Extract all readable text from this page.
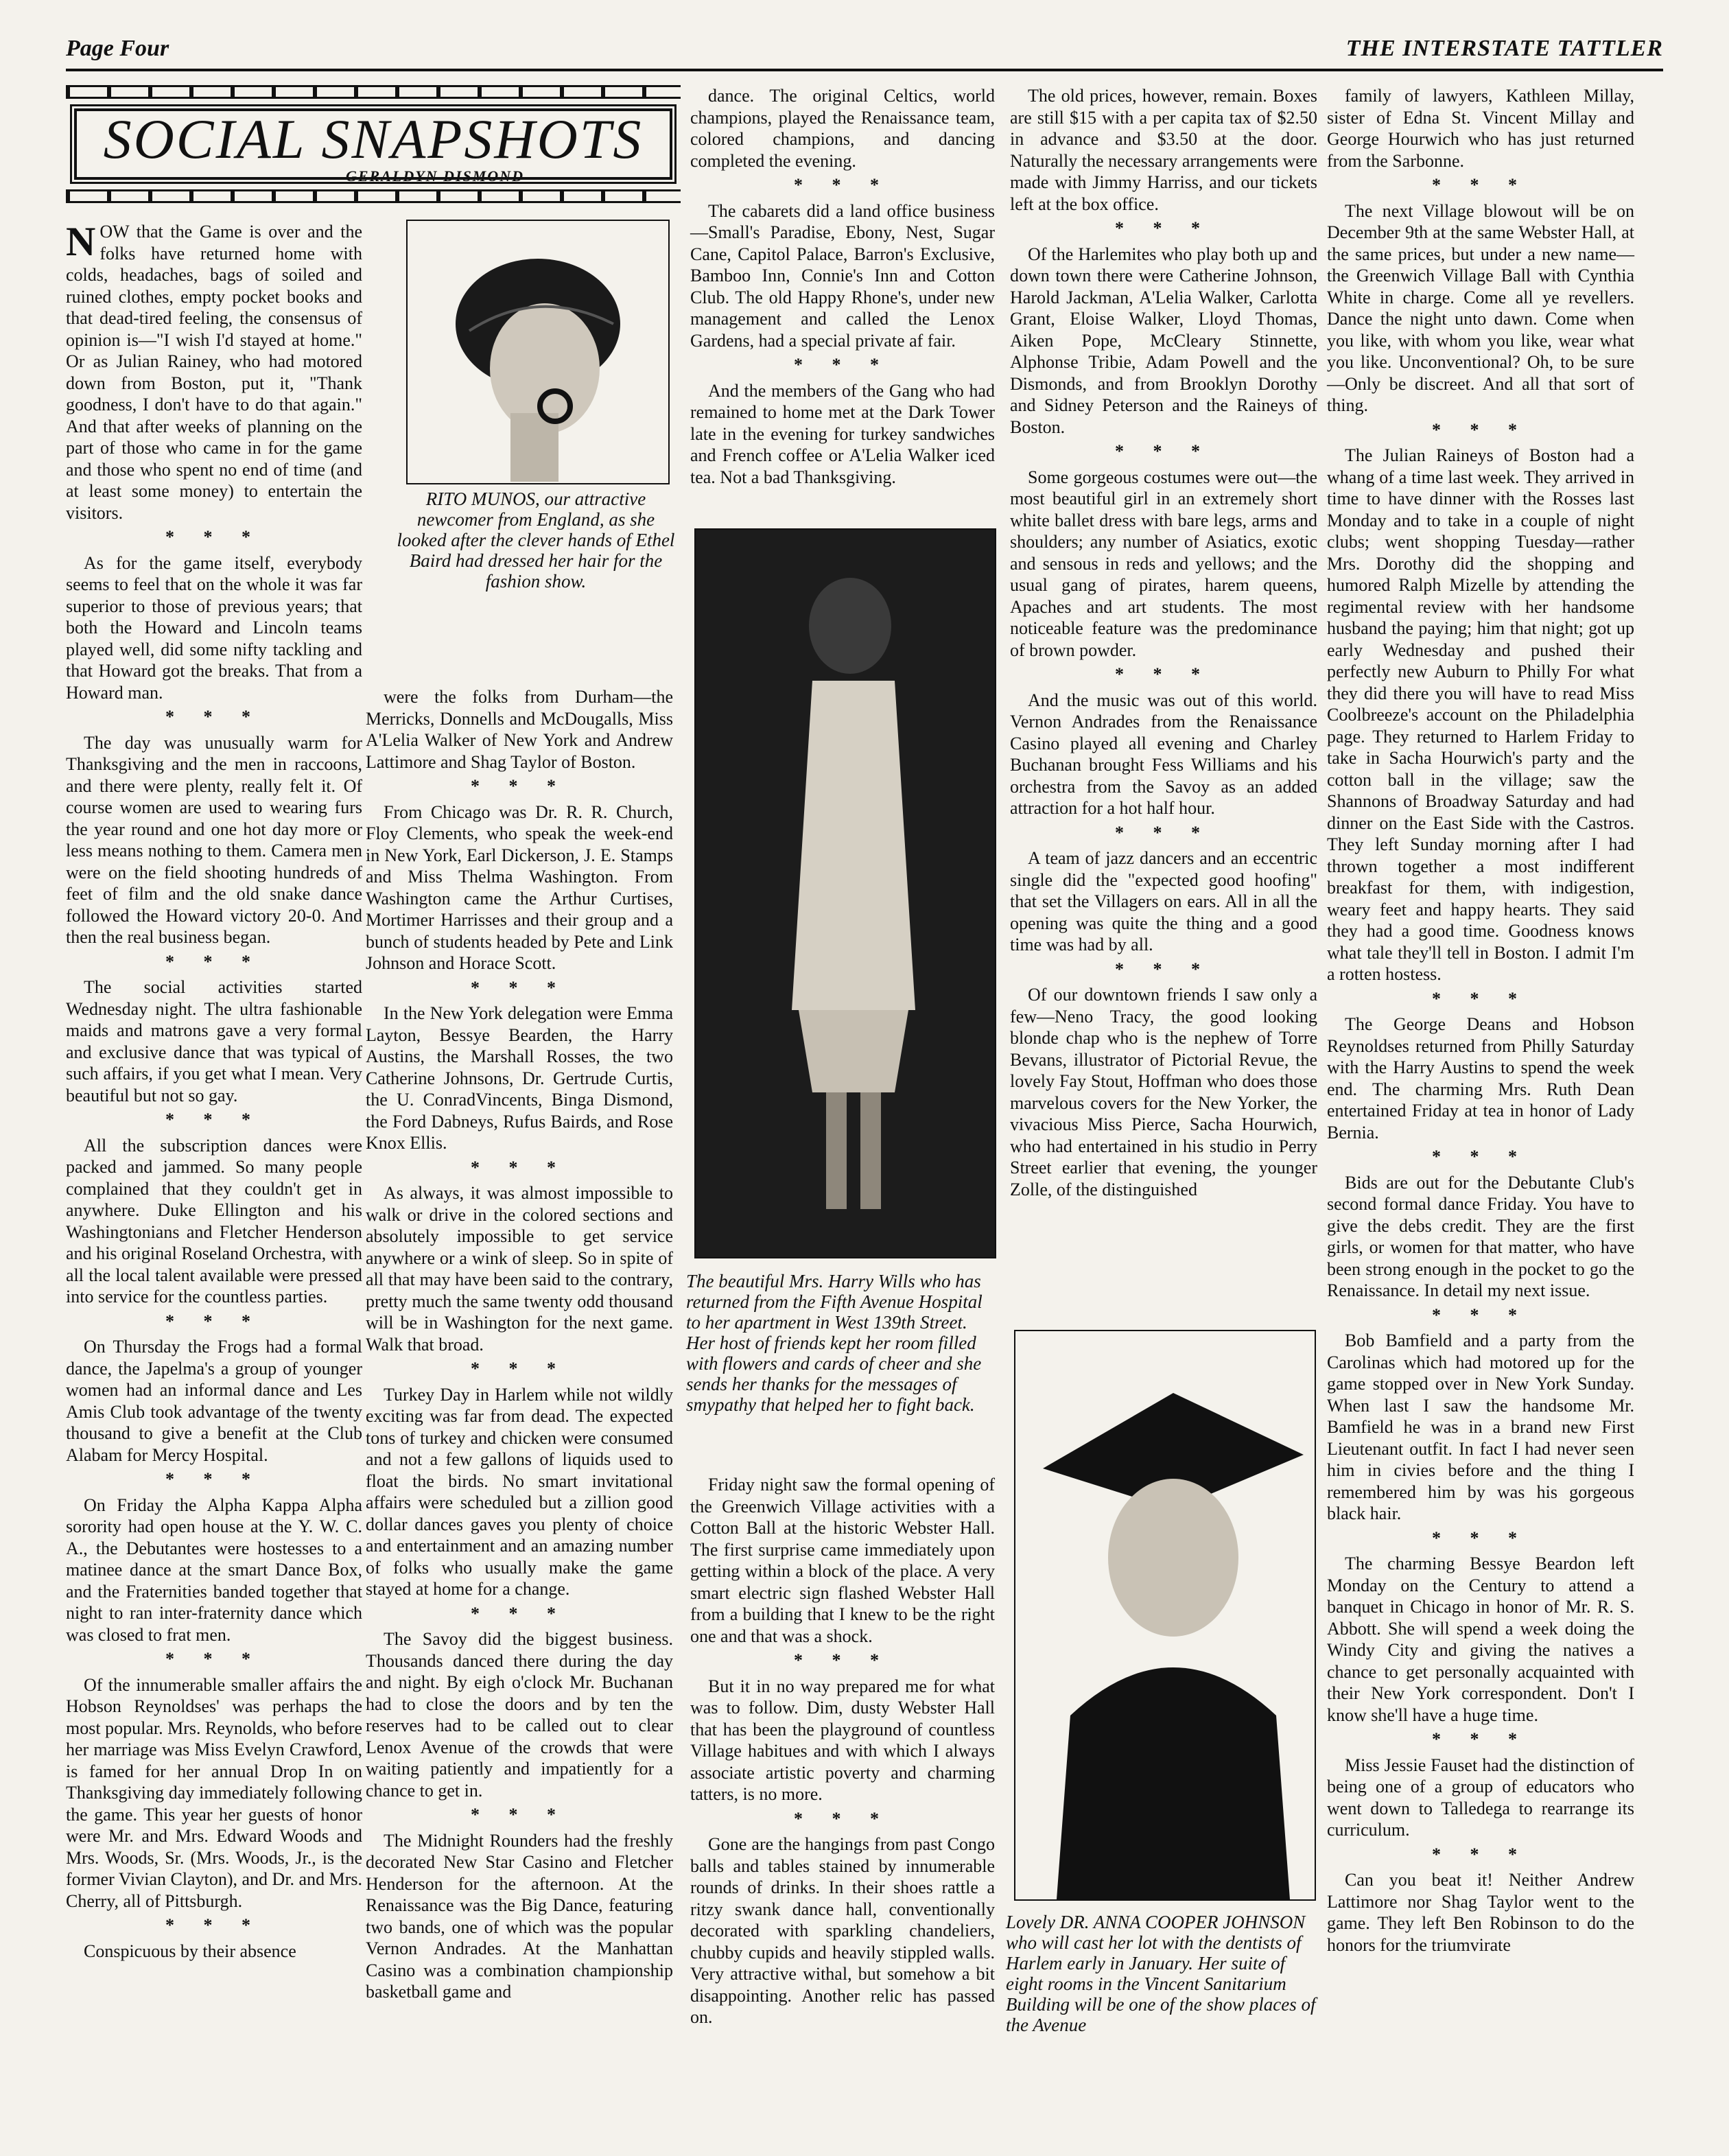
Page Four	THE INTERSTATE TATTLER
SOCIAL SNAPSHOTS
GERALDYN DISMOND

NOW that the Game is over and the folks have returned home with colds, headaches, bags of soiled and ruined clothes, empty pocket books and that dead-tired feeling, the consensus of opinion is—"I wish I'd stayed at home." Or as Julian Rainey, who had motored down from Boston, put it, "Thank goodness, I don't have to do that again." And that after weeks of planning on the part of those who came in for the game and those who spent no end of time (and at least some money) to entertain the visitors.

* * *

As for the game itself, everybody seems to feel that on the whole it was far superior to those of previous years; that both the Howard and Lincoln teams played well, did some nifty tackling and that Howard got the breaks. That from a Howard man.

* * *

The day was unusually warm for Thanksgiving and the men in raccoons, and there were plenty, really felt it. Of course women are used to wearing furs the year round and one hot day more or less means nothing to them. Camera men were on the field shooting hundreds of feet of film and the old snake dance followed the Howard victory 20-0. And then the real business began.

* * *

The social activities started Wednesday night. The ultra fashionable maids and matrons gave a very formal and exclusive dance that was typical of such affairs, if you get what I mean. Very beautiful but not so gay.

* * *

All the subscription dances were packed and jammed. So many people complained that they couldn't get in anywhere. Duke Ellington and his Washingtonians and Fletcher Henderson and his original Roseland Orchestra, with all the local talent available were pressed into service for the countless parties.

* * *

On Thursday the Frogs had a formal dance, the Japelma's a group of younger women had an informal dance and Les Amis Club took advantage of the twenty thousand to give a benefit at the Club Alabam for Mercy Hospital.

* * *

On Friday the Alpha Kappa Alpha sorority had open house at the Y. W. C. A., the Debutantes were hostesses to a matinee dance at the smart Dance Box, and the Fraternities banded together that night to ran inter-fraternity dance which was closed to frat men.

* * *

Of the innumerable smaller affairs the Hobson Reynoldses' was perhaps the most popular. Mrs. Reynolds, who before her marriage was Miss Evelyn Crawford, is famed for her annual Drop In on Thanksgiving day immediately following the game. This year her guests of honor were Mr. and Mrs. Edward Woods and Mrs. Woods, Sr. (Mrs. Woods, Jr., is the former Vivian Clayton), and Dr. and Mrs. Cherry, all of Pittsburgh.

* * *

Conspicuous by their absence

RITO MUNOS, our attractive newcomer from England, as she looked after the clever hands of Ethel Baird had dressed her hair for the fashion show.

were the folks from Durham—the Merricks, Donnells and McDougalls, Miss A'Lelia Walker of New York and Andrew Lattimore and Shag Taylor of Boston.

* * *

From Chicago was Dr. R. R. Church, Floy Clements, who speak the week-end in New York, Earl Dickerson, J. E. Stamps and Miss Thelma Washington. From Washington came the Arthur Curtises, Mortimer Harrisses and their group and a bunch of students headed by Pete and Link Johnson and Horace Scott.

* * *

In the New York delegation were Emma Layton, Bessye Bearden, the Harry Austins, the Marshall Rosses, the two Catherine Johnsons, Dr. Gertrude Curtis, the U. ConradVincents, Binga Dismond, the Ford Dabneys, Rufus Bairds, and Rose Knox Ellis.

* * *

As always, it was almost impossible to walk or drive in the colored sections and absolutely impossible to get service anywhere or a wink of sleep. So in spite of all that may have been said to the contrary, pretty much the same twenty odd thousand will be in Washington for the next game. Walk that broad.

* * *

Turkey Day in Harlem while not wildly exciting was far from dead. The expected tons of turkey and chicken were consumed and not a few gallons of liquids used to float the birds. No smart invitational affairs were scheduled but a zillion good dollar dances gaves you plenty of choice and entertainment and an amazing number of folks who usually make the game stayed at home for a change.

* * *

The Savoy did the biggest business. Thousands danced there during the day and night. By eigh o'clock Mr. Buchanan had to close the doors and by ten the reserves had to be called out to clear Lenox Avenue of the crowds that were waiting patiently and impatiently for a chance to get in.

* * *

The Midnight Rounders had the freshly decorated New Star Casino and Fletcher Henderson for the afternoon. At the Renaissance was the Big Dance, featuring two bands, one of which was the popular Vernon Andrades. At the Manhattan Casino was a combination championship basketball game and

dance. The original Celtics, world champions, played the Renaissance team, colored champions, and dancing completed the evening.

* * *

The cabarets did a land office business—Small's Paradise, Ebony, Nest, Sugar Cane, Capitol Palace, Barron's Exclusive, Bamboo Inn, Connie's Inn and Cotton Club. The old Happy Rhone's, under new management and called the Lenox Gardens, had a special private af fair.

* * *

And the members of the Gang who had remained to home met at the Dark Tower late in the evening for turkey sandwiches and French coffee or A'Lelia Walker iced tea. Not a bad Thanksgiving.

The beautiful Mrs. Harry Wills who has returned from the Fifth Avenue Hospital to her apartment in West 139th Street. Her host of friends kept her room filled with flowers and cards of cheer and she sends her thanks for the messages of smypathy that helped her to fight back.

Friday night saw the formal opening of the Greenwich Village activities with a Cotton Ball at the historic Webster Hall. The first surprise came immediately upon getting within a block of the place. A very smart electric sign flashed Webster Hall from a building that I knew to be the right one and that was a shock.

* * *

But it in no way prepared me for what was to follow. Dim, dusty Webster Hall that has been the playground of countless Village habitues and with which I always associate artistic poverty and charming tatters, is no more.

* * *

Gone are the hangings from past Congo balls and tables stained by innumerable rounds of drinks. In their shoes rattle a ritzy swank dance hall, conventionally decorated with sparkling chandeliers, chubby cupids and heavily stippled walls. Very attractive withal, but somehow a bit disappointing. Another relic has passed on.

The old prices, however, remain. Boxes are still $15 with a per capita tax of $2.50 in advance and $3.50 at the door. Naturally the necessary arrangements were made with Jimmy Harriss, and our tickets left at the box office.

* * *

Of the Harlemites who play both up and down town there were Catherine Johnson, Harold Jackman, A'Lelia Walker, Carlotta Grant, Eloise Walker, Lloyd Thomas, Aiken Pope, McCleary Stinnette, Alphonse Tribie, Adam Powell and the Dismonds, and from Brooklyn Dorothy and Sidney Peterson and the Raineys of Boston.

* * *

Some gorgeous costumes were out—the most beautiful girl in an extremely short white ballet dress with bare legs, arms and shoulders; any number of Asiatics, exotic and sensous in reds and yellows; and the usual gang of pirates, harem queens, Apaches and art students. The most noticeable feature was the predominance of brown powder.

* * *

And the music was out of this world. Vernon Andrades from the Renaissance Casino played all evening and Charley Buchanan brought Fess Williams and his orchestra from the Savoy as an added attraction for a hot half hour.

* * *

A team of jazz dancers and an eccentric single did the "expected good hoofing" that set the Villagers on ears. All in all the opening was quite the thing and a good time was had by all.

* * *

Of our downtown friends I saw only a few—Neno Tracy, the good looking blonde chap who is the nephew of Torre Bevans, illustrator of Pictorial Revue, the lovely Fay Stout, Hoffman who does those marvelous covers for the New Yorker, the vivacious Miss Pierce, Sacha Hourwich, who had entertained in his studio in Perry Street earlier that evening, the younger Zolle, of the distinguished

Lovely DR. ANNA COOPER JOHNSON who will cast her lot with the dentists of Harlem early in January. Her suite of eight rooms in the Vincent Sanitarium Building will be one of the show places of the Avenue

family of lawyers, Kathleen Millay, sister of Edna St. Vincent Millay and George Hourwich who has just returned from the Sarbonne.

* * *

The next Village blowout will be on December 9th at the same Webster Hall, at the same prices, but under a new name—the Greenwich Village Ball with Cynthia White in charge. Come all ye revellers. Dance the night unto dawn. Come when you like, with whom you like, wear what you like. Unconventional? Oh, to be sure—Only be discreet. And all that sort of thing.

* * *

The Julian Raineys of Boston had a whang of a time last week. They arrived in time to have dinner with the Rosses last Monday and to take in a couple of night clubs; went shopping Tuesday—rather Mrs. Dorothy did the shopping and humored Ralph Mizelle by attending the regimental review with her handsome husband the paying; him that night; got up early Wednesday and pushed their perfectly new Auburn to Philly For what they did there you will have to read Miss Coolbreeze's account on the Philadelphia page. They returned to Harlem Friday to take in Sacha Hourwich's party and the cotton ball in the village; saw the Shannons of Broadway Saturday and had dinner on the East Side with the Castros. They left Sunday morning after I had thrown together a most indifferent breakfast for them, with indigestion, weary feet and happy hearts. They said they had a good time. Goodness knows what tale they'll tell in Boston. I admit I'm a rotten hostess.

* * *

The George Deans and Hobson Reynoldses returned from Philly Saturday with the Harry Austins to spend the week end. The charming Mrs. Ruth Dean entertained Friday at tea in honor of Lady Bernia.

* * *

Bids are out for the Debutante Club's second formal dance Friday. You have to give the debs credit. They are the first girls, or women for that matter, who have been strong enough in the pocket to go the Renaissance. In detail my next issue.

* * *

Bob Bamfield and a party from the Carolinas which had motored up for the game stopped over in New York Sunday. When last I saw the handsome Mr. Bamfield he was in a brand new First Lieutenant outfit. In fact I had never seen him in civies before and the thing I remembered him by was his gorgeous black hair.

* * *

The charming Bessye Beardon left Monday on the Century to attend a banquet in Chicago in honor of Mr. R. S. Abbott. She will spend a week doing the Windy City and giving the natives a chance to get personally acquainted with their New York correspondent. Don't I know she'll have a huge time.

* * *

Miss Jessie Fauset had the distinction of being one of a group of educators who went down to Talledega to rearrange its curriculum.

* * *

Can you beat it! Neither Andrew Lattimore nor Shag Taylor went to the game. They left Ben Robinson to do the honors for the triumvirate
